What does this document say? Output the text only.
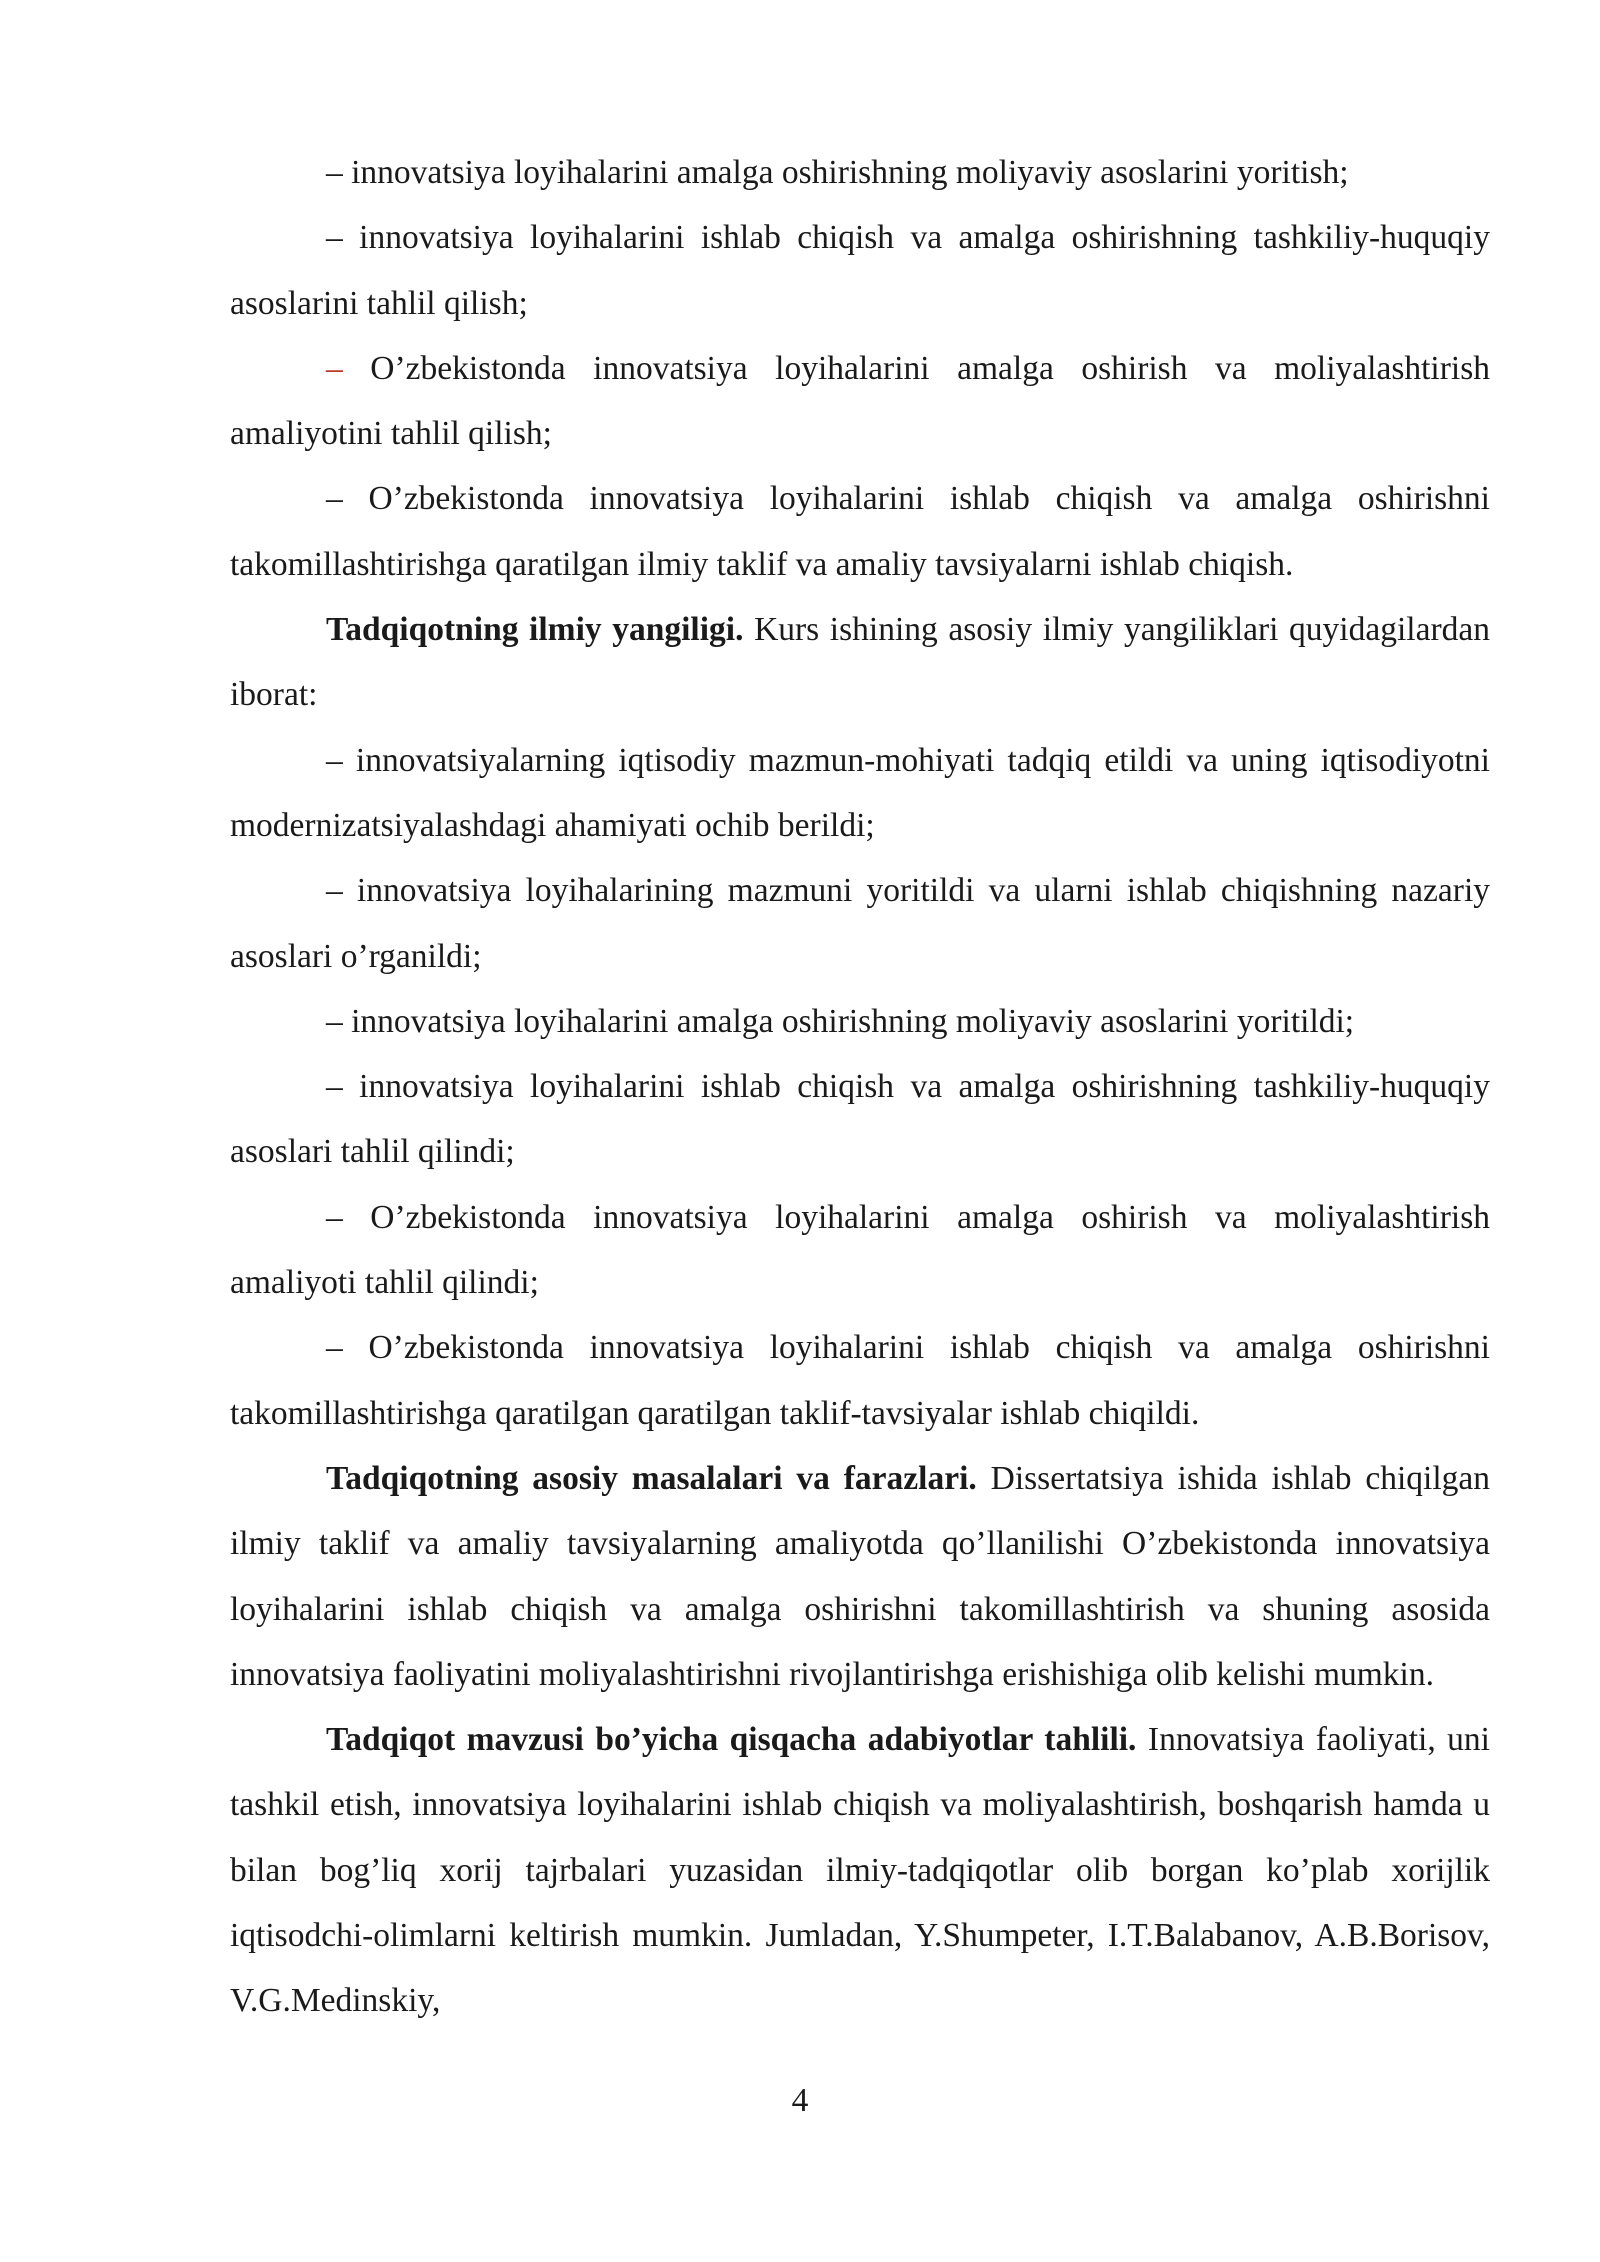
– innovatsiya loyihalarini amalga oshirishning moliyaviy asoslarini yoritish;

– innovatsiya loyihalarini ishlab chiqish va amalga oshirishning tashkiliy-huquqiy asoslarini tahlil qilish;

– O’zbekistonda innovatsiya loyihalarini amalga oshirish va moliyalashtirish amaliyotini tahlil qilish;

– O’zbekistonda innovatsiya loyihalarini ishlab chiqish va amalga oshirishni takomillashtirishga qaratilgan ilmiy taklif va amaliy tavsiyalarni ishlab chiqish.

Tadqiqotning ilmiy yangiligi. Kurs ishining asosiy ilmiy yangiliklari quyidagilardan iborat:

– innovatsiyalarning iqtisodiy mazmun-mohiyati tadqiq etildi va uning iqtisodiyotni modernizatsiyalashdagi ahamiyati ochib berildi;

– innovatsiya loyihalarining mazmuni yoritildi va ularni ishlab chiqishning nazariy asoslari o’rganildi;

– innovatsiya loyihalarini amalga oshirishning moliyaviy asoslarini yoritildi;

– innovatsiya loyihalarini ishlab chiqish va amalga oshirishning tashkiliy-huquqiy asoslari tahlil qilindi;

– O’zbekistonda innovatsiya loyihalarini amalga oshirish va moliyalashtirish amaliyoti tahlil qilindi;

– O’zbekistonda innovatsiya loyihalarini ishlab chiqish va amalga oshirishni takomillashtirishga qaratilgan qaratilgan taklif-tavsiyalar ishlab chiqildi.

Tadqiqotning asosiy masalalari va farazlari. Dissertatsiya ishida ishlab chiqilgan ilmiy taklif va amaliy tavsiyalarning amaliyotda qo’llanilishi O’zbekistonda innovatsiya loyihalarini ishlab chiqish va amalga oshirishni takomillashtirish va shuning asosida innovatsiya faoliyatini moliyalashtirishni rivojlantirishga erishishiga olib kelishi mumkin.

Tadqiqot mavzusi bo’yicha qisqacha adabiyotlar tahlili. Innovatsiya faoliyati, uni tashkil etish, innovatsiya loyihalarini ishlab chiqish va moliyalashtirish, boshqarish hamda u bilan bog’liq xorij tajrbalari yuzasidan ilmiy-tadqiqotlar olib borgan ko’plab xorijlik iqtisodchi-olimlarni keltirish mumkin. Jumladan, Y.Shumpeter, I.T.Balabanov, A.B.Borisov, V.G.Medinskiy,

4
